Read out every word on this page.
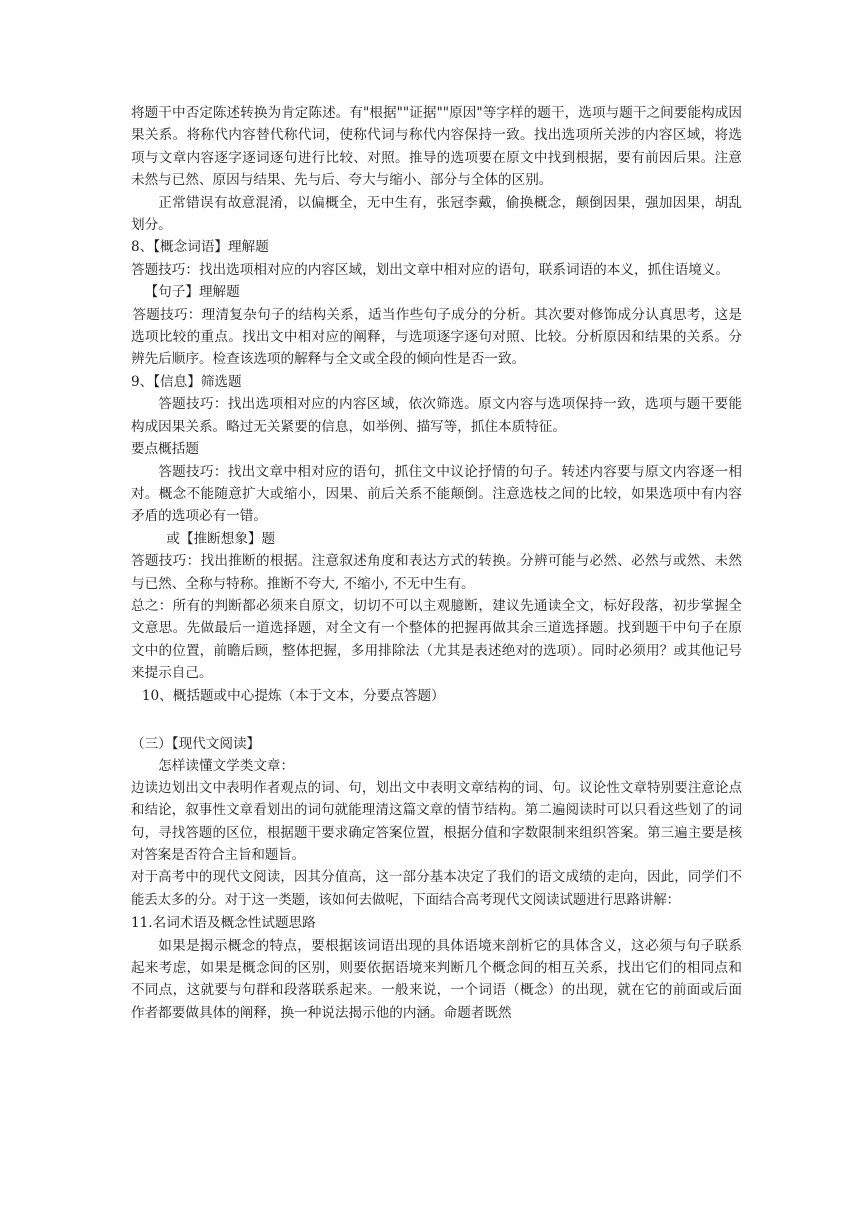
将题干中否定陈述转换为肯定陈述。有"根据""证据""原因"等字样的题干，选项与题干之间要能构成因果关系。将称代内容替代称代词，使称代词与称代内容保持一致。找出选项所关涉的内容区域，将选项与文章内容逐字逐词逐句进行比较、对照。推导的选项要在原文中找到根据，要有前因后果。注意未然与已然、原因与结果、先与后、夸大与缩小、部分与全体的区别。

正常错误有故意混淆，以偏概全，无中生有，张冠李戴，偷换概念，颠倒因果，强加因果，胡乱划分。

8、【概念词语】理解题

答题技巧：找出选项相对应的内容区域，划出文章中相对应的语句，联系词语的本义，抓住语境义。

【句子】理解题

答题技巧：理清复杂句子的结构关系，适当作些句子成分的分析。其次要对修饰成分认真思考，这是选项比较的重点。找出文中相对应的阐释，与选项逐字逐句对照、比较。分析原因和结果的关系。分辨先后顺序。检查该选项的解释与全文或全段的倾向性是否一致。

9、【信息】筛选题

答题技巧：找出选项相对应的内容区域，依次筛选。原文内容与选项保持一致，选项与题干要能构成因果关系。略过无关紧要的信息，如举例、描写等，抓住本质特征。

要点概括题

答题技巧：找出文章中相对应的语句，抓住文中议论抒情的句子。转述内容要与原文内容逐一相对。概念不能随意扩大或缩小，因果、前后关系不能颠倒。注意选枝之间的比较，如果选项中有内容矛盾的选项必有一错。

或【推断想象】题

答题技巧：找出推断的根据。注意叙述角度和表达方式的转换。分辨可能与必然、必然与或然、未然与已然、全称与特称。推断不夸大, 不缩小, 不无中生有。

总之：所有的判断都必须来自原文，切切不可以主观臆断，建议先通读全文，标好段落，初步掌握全文意思。先做最后一道选择题，对全文有一个整体的把握再做其余三道选择题。找到题干中句子在原文中的位置，前瞻后顾，整体把握，多用排除法（尤其是表述绝对的选项）。同时必须用？或其他记号来提示自己。

10、概括题或中心提炼（本于文本，分要点答题）

（三）【现代文阅读】

怎样读懂文学类文章：

边读边划出文中表明作者观点的词、句，划出文中表明文章结构的词、句。议论性文章特别要注意论点和结论，叙事性文章看划出的词句就能理清这篇文章的情节结构。第二遍阅读时可以只看这些划了的词句，寻找答题的区位，根据题干要求确定答案位置，根据分值和字数限制来组织答案。第三遍主要是核对答案是否符合主旨和题旨。

对于高考中的现代文阅读，因其分值高，这一部分基本决定了我们的语文成绩的走向，因此，同学们不能丢太多的分。对于这一类题，该如何去做呢，下面结合高考现代文阅读试题进行思路讲解：

11.名词术语及概念性试题思路

如果是揭示概念的特点，要根据该词语出现的具体语境来剖析它的具体含义，这必须与句子联系起来考虑，如果是概念间的区别，则要依据语境来判断几个概念间的相互关系，找出它们的相同点和不同点，这就要与句群和段落联系起来。一般来说，一个词语（概念）的出现，就在它的前面或后面作者都要做具体的阐释，换一种说法揭示他的内涵。命题者既然
